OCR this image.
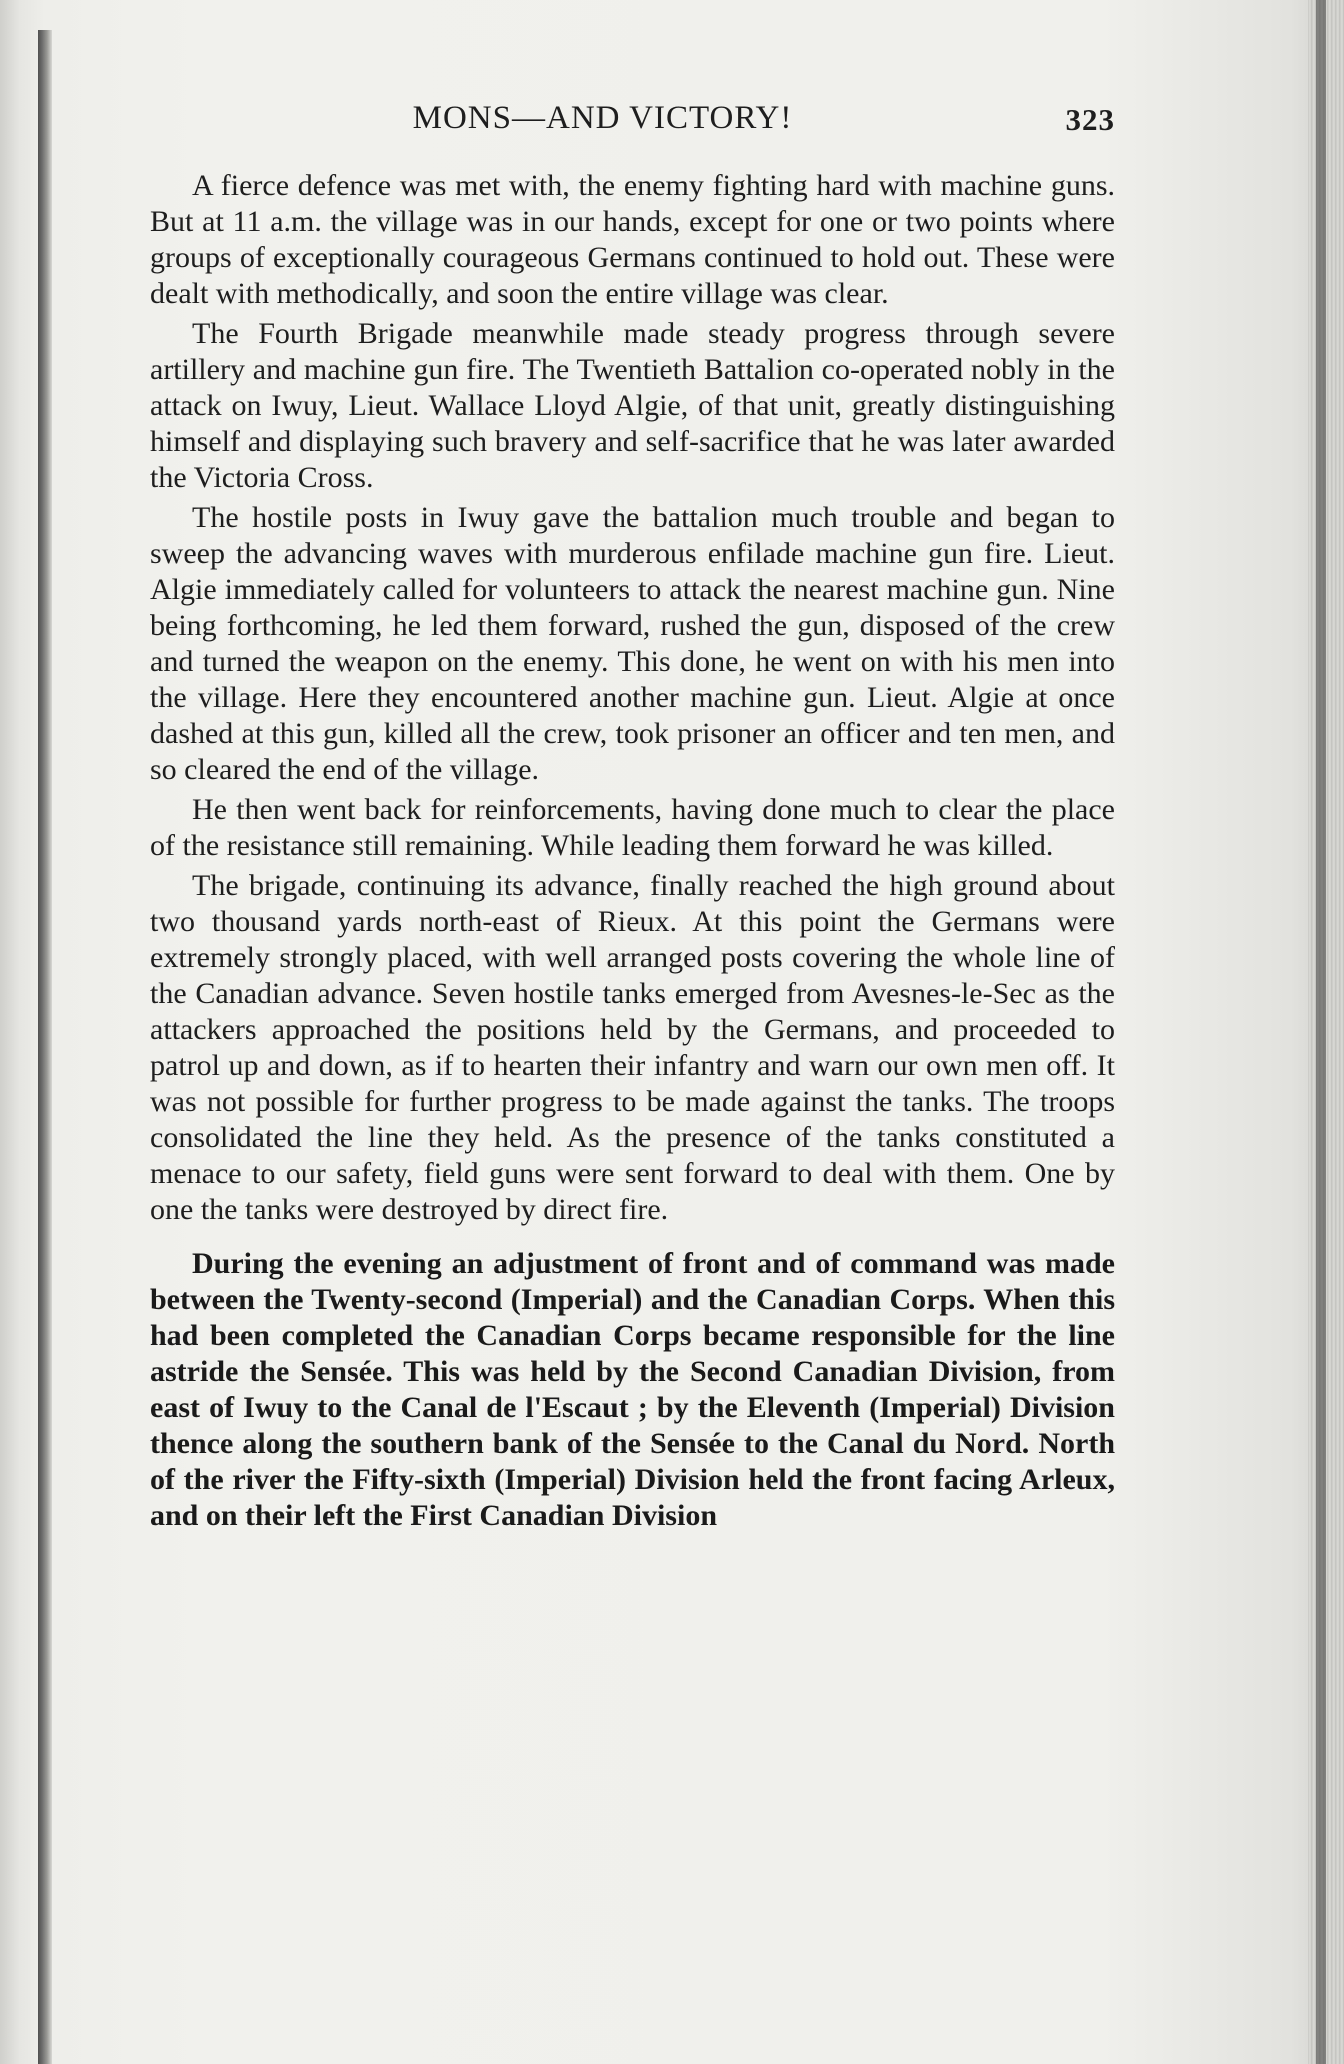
MONS—AND VICTORY!	323

A fierce defence was met with, the enemy fighting hard with machine guns. But at 11 a.m. the village was in our hands, except for one or two points where groups of exceptionally courageous Germans continued to hold out. These were dealt with methodically, and soon the entire village was clear.

The Fourth Brigade meanwhile made steady progress through severe artillery and machine gun fire. The Twentieth Battalion co-operated nobly in the attack on Iwuy, Lieut. Wallace Lloyd Algie, of that unit, greatly distinguishing himself and displaying such bravery and self-sacrifice that he was later awarded the Victoria Cross.

The hostile posts in Iwuy gave the battalion much trouble and began to sweep the advancing waves with murderous enfilade machine gun fire. Lieut. Algie immediately called for volunteers to attack the nearest machine gun. Nine being forthcoming, he led them forward, rushed the gun, disposed of the crew and turned the weapon on the enemy. This done, he went on with his men into the village. Here they encountered another machine gun. Lieut. Algie at once dashed at this gun, killed all the crew, took prisoner an officer and ten men, and so cleared the end of the village.

He then went back for reinforcements, having done much to clear the place of the resistance still remaining. While leading them forward he was killed.

The brigade, continuing its advance, finally reached the high ground about two thousand yards north-east of Rieux. At this point the Germans were extremely strongly placed, with well arranged posts covering the whole line of the Canadian advance. Seven hostile tanks emerged from Avesnes-le-Sec as the attackers approached the positions held by the Germans, and proceeded to patrol up and down, as if to hearten their infantry and warn our own men off. It was not possible for further progress to be made against the tanks. The troops consolidated the line they held. As the presence of the tanks constituted a menace to our safety, field guns were sent forward to deal with them. One by one the tanks were destroyed by direct fire.

During the evening an adjustment of front and of command was made between the Twenty-second (Imperial) and the Canadian Corps. When this had been completed the Canadian Corps became responsible for the line astride the Sensée. This was held by the Second Canadian Division, from east of Iwuy to the Canal de l'Escaut ; by the Eleventh (Imperial) Division thence along the southern bank of the Sensée to the Canal du Nord. North of the river the Fifty-sixth (Imperial) Division held the front facing Arleux, and on their left the First Canadian Division
